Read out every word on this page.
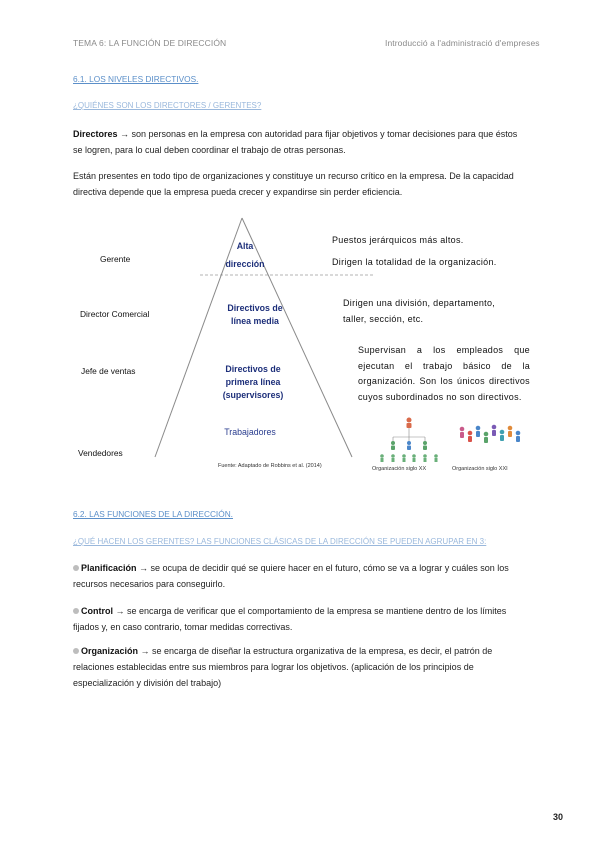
TEMA 6: LA FUNCIÓN DE DIRECCIÓN	Introducció a l'administració d'empreses
6.1. LOS NIVELES DIRECTIVOS.
¿QUIÉNES SON LOS DIRECTORES / GERENTES?
Directores → son personas en la empresa con autoridad para fijar objetivos y tomar decisiones para que éstos se logren, para lo cual deben coordinar el trabajo de otras personas.
Están presentes en todo tipo de organizaciones y constituye un recurso crítico en la empresa. De la capacidad directiva depende que la empresa pueda crecer y expandirse sin perder eficiencia.
Gerente
Director Comercial
Jefe de ventas
Vendedores
Alta
dirección
Directivos de
línea media
Directivos de
primera línea
(supervisores)
Trabajadores
Puestos jerárquicos más altos.
Dirigen la totalidad de la organización.
Dirigen una división, departamento, taller, sección, etc.
Supervisan a los empleados que ejecutan el trabajo básico de la organización. Son los únicos directivos cuyos subordinados no son directivos.
Fuente: Adaptado de Robbins et al. (2014)	Organización siglo XX	Organización siglo XXI
6.2. LAS FUNCIONES DE LA DIRECCIÓN.
¿QUÉ HACEN LOS GERENTES? LAS FUNCIONES CLÁSICAS DE LA DIRECCIÓN SE PUEDEN AGRUPAR EN 3:
Planificación → se ocupa de decidir qué se quiere hacer en el futuro, cómo se va a lograr y cuáles son los recursos necesarios para conseguirlo.
Control → se encarga de verificar que el comportamiento de la empresa se mantiene dentro de los límites fijados y, en caso contrario, tomar medidas correctivas.
Organización → se encarga de diseñar la estructura organizativa de la empresa, es decir, el patrón de relaciones establecidas entre sus miembros para lograr los objetivos. (aplicación de los principios de especialización y división del trabajo)
30
